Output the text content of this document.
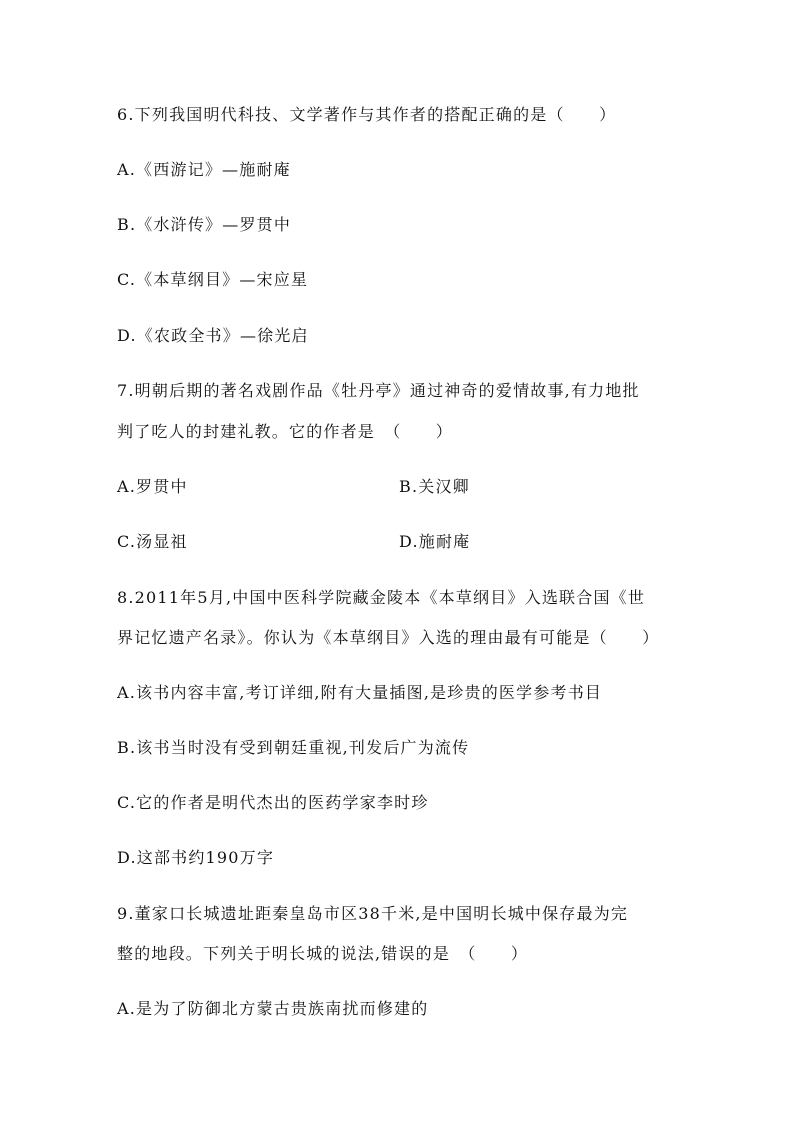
6.下列我国明代科技、文学著作与其作者的搭配正确的是（　　）
A.《西游记》—施耐庵
B.《水浒传》—罗贯中
C.《本草纲目》—宋应星
D.《农政全书》—徐光启
7.明朝后期的著名戏剧作品《牡丹亭》通过神奇的爱情故事,有力地批
判了吃人的封建礼教。它的作者是　（　　）
A.罗贯中	B.关汉卿
C.汤显祖	D.施耐庵
8.2011年5月,中国中医科学院藏金陵本《本草纲目》入选联合国《世
界记忆遗产名录》。你认为《本草纲目》入选的理由最有可能是（　　）
A.该书内容丰富,考订详细,附有大量插图,是珍贵的医学参考书目
B.该书当时没有受到朝廷重视,刊发后广为流传
C.它的作者是明代杰出的医药学家李时珍
D.这部书约190万字
9.董家口长城遗址距秦皇岛市区38千米,是中国明长城中保存最为完
整的地段。下列关于明长城的说法,错误的是　（　　）
A.是为了防御北方蒙古贵族南扰而修建的
